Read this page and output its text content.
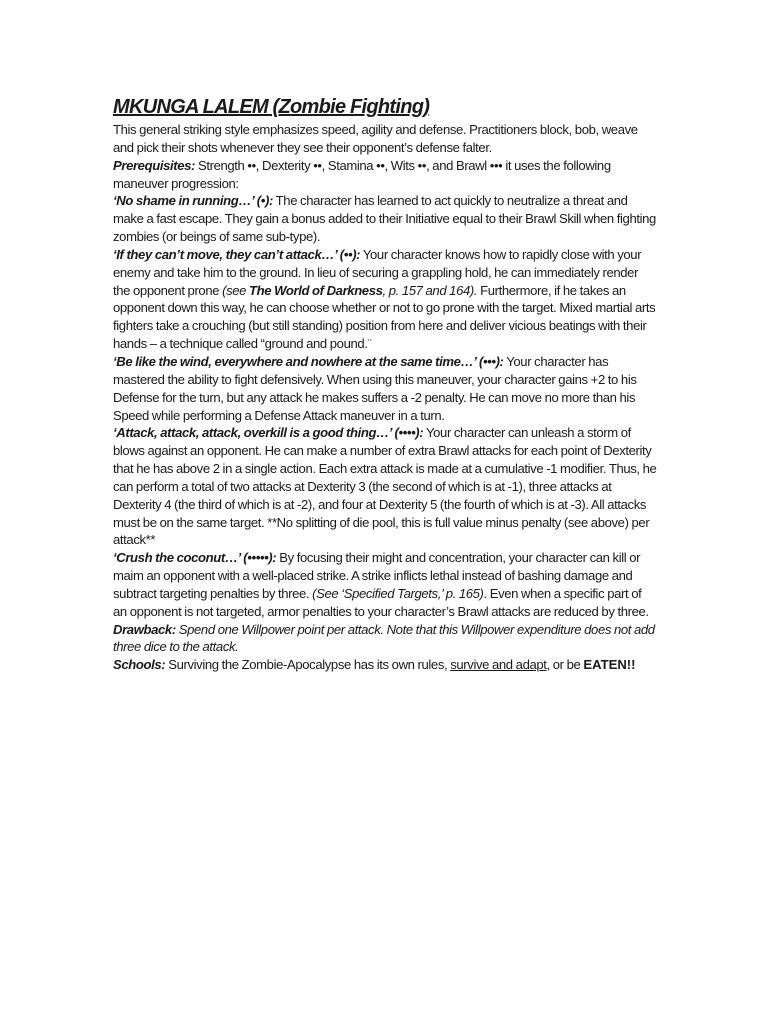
MKUNGA LALEM (Zombie Fighting)

This general striking style emphasizes speed, agility and defense. Practitioners block, bob, weave and pick their shots whenever they see their opponent’s defense falter.

Prerequisites: Strength ••, Dexterity ••, Stamina ••, Wits ••, and Brawl ••• it uses the following maneuver progression:

‘No shame in running…’ (•): The character has learned to act quickly to neutralize a threat and make a fast escape. They gain a bonus added to their Initiative equal to their Brawl Skill when fighting zombies (or beings of same sub-type).

‘If they can’t move, they can’t attack…’ (••): Your character knows how to rapidly close with your enemy and take him to the ground. In lieu of securing a grappling hold, he can immediately render the opponent prone (see The World of Darkness, p. 157 and 164). Furthermore, if he takes an opponent down this way, he can choose whether or not to go prone with the target. Mixed martial arts fighters take a crouching (but still standing) position from here and deliver vicious beatings with their hands – a technique called “ground and pound.¨

‘Be like the wind, everywhere and nowhere at the same time…’ (•••): Your character has mastered the ability to fight defensively. When using this maneuver, your character gains +2 to his Defense for the turn, but any attack he makes suffers a -2 penalty. He can move no more than his Speed while performing a Defense Attack maneuver in a turn.

‘Attack, attack, attack, overkill is a good thing…’ (••••): Your character can unleash a storm of blows against an opponent. He can make a number of extra Brawl attacks for each point of Dexterity that he has above 2 in a single action. Each extra attack is made at a cumulative -1 modifier. Thus, he can perform a total of two attacks at Dexterity 3 (the second of which is at -1), three attacks at Dexterity 4 (the third of which is at -2), and four at Dexterity 5 (the fourth of which is at -3). All attacks must be on the same target. **No splitting of die pool, this is full value minus penalty (see above) per attack**

‘Crush the coconut…’ (•••••): By focusing their might and concentration, your character can kill or maim an opponent with a well-placed strike. A strike inflicts lethal instead of bashing damage and subtract targeting penalties by three. (See ‘Specified Targets,’ p. 165). Even when a specific part of an opponent is not targeted, armor penalties to your character’s Brawl attacks are reduced by three. Drawback: Spend one Willpower point per attack. Note that this Willpower expenditure does not add three dice to the attack.

Schools: Surviving the Zombie-Apocalypse has its own rules, survive and adapt, or be EATEN!!
